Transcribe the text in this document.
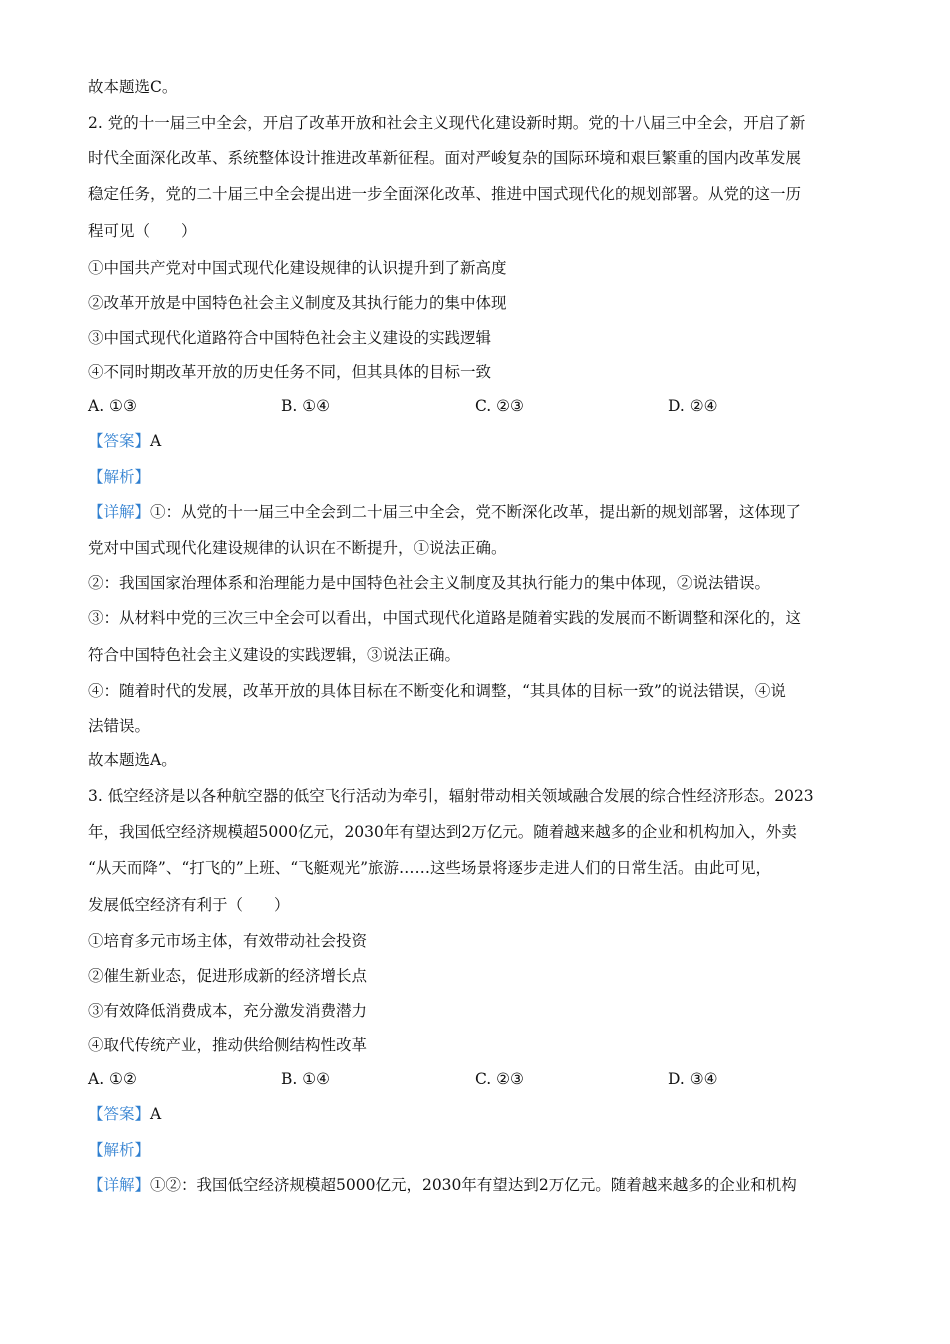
故本题选C。
2. 党的十一届三中全会，开启了改革开放和社会主义现代化建设新时期。党的十八届三中全会，开启了新
时代全面深化改革、系统整体设计推进改革新征程。面对严峻复杂的国际环境和艰巨繁重的国内改革发展
稳定任务，党的二十届三中全会提出进一步全面深化改革、推进中国式现代化的规划部署。从党的这一历
程可见（　　）
①中国共产党对中国式现代化建设规律的认识提升到了新高度
②改革开放是中国特色社会主义制度及其执行能力的集中体现
③中国式现代化道路符合中国特色社会主义建设的实践逻辑
④不同时期改革开放的历史任务不同，但其具体的目标一致
A. ①③	B. ①④	C. ②③	D. ②④
【答案】A
【解析】
【详解】①：从党的十一届三中全会到二十届三中全会，党不断深化改革，提出新的规划部署，这体现了
党对中国式现代化建设规律的认识在不断提升，①说法正确。
②：我国国家治理体系和治理能力是中国特色社会主义制度及其执行能力的集中体现，②说法错误。
③：从材料中党的三次三中全会可以看出，中国式现代化道路是随着实践的发展而不断调整和深化的，这
符合中国特色社会主义建设的实践逻辑，③说法正确。
④：随着时代的发展，改革开放的具体目标在不断变化和调整，“其具体的目标一致”的说法错误，④说
法错误。
故本题选A。
3. 低空经济是以各种航空器的低空飞行活动为牵引，辐射带动相关领域融合发展的综合性经济形态。2023
年，我国低空经济规模超5000亿元，2030年有望达到2万亿元。随着越来越多的企业和机构加入，外卖
“从天而降”、“打飞的”上班、“飞艇观光”旅游……这些场景将逐步走进人们的日常生活。由此可见，
发展低空经济有利于（　　）
①培育多元市场主体，有效带动社会投资
②催生新业态，促进形成新的经济增长点
③有效降低消费成本，充分激发消费潜力
④取代传统产业，推动供给侧结构性改革
A. ①②	B. ①④	C. ②③	D. ③④
【答案】A
【解析】
【详解】①②：我国低空经济规模超5000亿元，2030年有望达到2万亿元。随着越来越多的企业和机构
